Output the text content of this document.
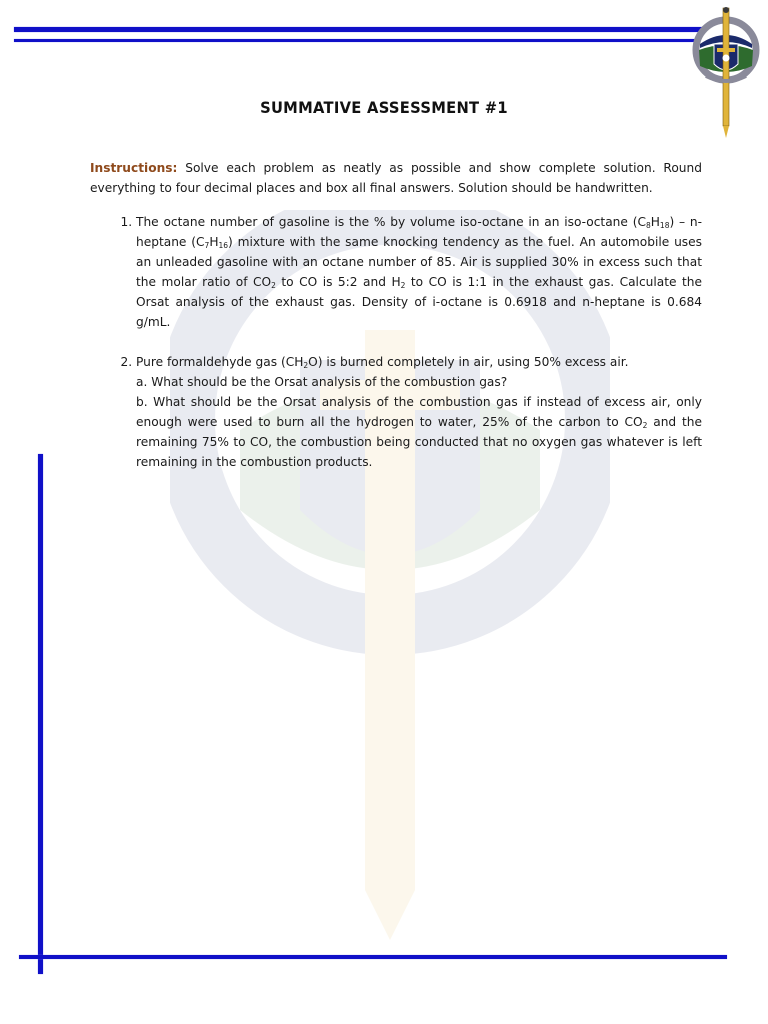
SUMMATIVE ASSESSMENT #1
Instructions: Solve each problem as neatly as possible and show complete solution. Round everything to four decimal places and box all final answers. Solution should be handwritten.
1. The octane number of gasoline is the % by volume iso-octane in an iso-octane $(C_8H_{18}) - n-heptane$ $(C_7H_{16})$ mixture with the same knocking tendency as the fuel. An automobile uses an unleaded gasoline with an octane number of 85. Air is supplied 30% in excess such that the molar ratio of $CO_2$ to CO is 5:2 and $H_2$ to CO is 1:1 in the exhaust gas. Calculate the Orsat analysis of the exhaust gas. Density of i-octane is 0.6918 and n-heptane is 0.684 g/mL.
2. Pure formaldehyde gas $(CH_2O)$ is burned completely in air, using 50% excess air.
a. What should be the Orsat analysis of the combustion gas?
b. What should be the Orsat analysis of the combustion gas if instead of excess air, only enough were used to burn all the hydrogen to water, 25% of the carbon to $CO_2$ and the remaining 75% to CO, the combustion being conducted that no oxygen gas whatever is left remaining in the combustion products.
